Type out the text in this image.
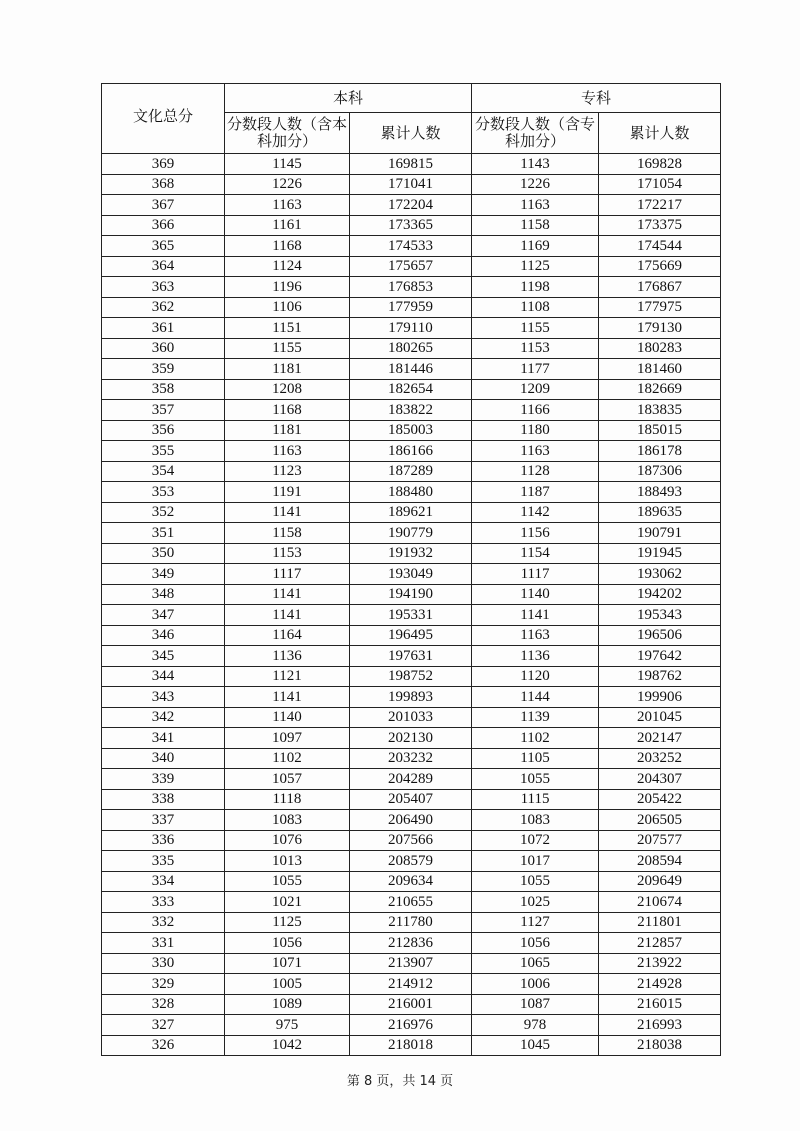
文化总分	本科		专科	
	分数段人数（含本科加分）	累计人数	分数段人数（含专科加分）	累计人数
369	1145	169815	1143	169828
368	1226	171041	1226	171054
367	1163	172204	1163	172217
366	1161	173365	1158	173375
365	1168	174533	1169	174544
364	1124	175657	1125	175669
363	1196	176853	1198	176867
362	1106	177959	1108	177975
361	1151	179110	1155	179130
360	1155	180265	1153	180283
359	1181	181446	1177	181460
358	1208	182654	1209	182669
357	1168	183822	1166	183835
356	1181	185003	1180	185015
355	1163	186166	1163	186178
354	1123	187289	1128	187306
353	1191	188480	1187	188493
352	1141	189621	1142	189635
351	1158	190779	1156	190791
350	1153	191932	1154	191945
349	1117	193049	1117	193062
348	1141	194190	1140	194202
347	1141	195331	1141	195343
346	1164	196495	1163	196506
345	1136	197631	1136	197642
344	1121	198752	1120	198762
343	1141	199893	1144	199906
342	1140	201033	1139	201045
341	1097	202130	1102	202147
340	1102	203232	1105	203252
339	1057	204289	1055	204307
338	1118	205407	1115	205422
337	1083	206490	1083	206505
336	1076	207566	1072	207577
335	1013	208579	1017	208594
334	1055	209634	1055	209649
333	1021	210655	1025	210674
332	1125	211780	1127	211801
331	1056	212836	1056	212857
330	1071	213907	1065	213922
329	1005	214912	1006	214928
328	1089	216001	1087	216015
327	975	216976	978	216993
326	1042	218018	1045	218038
第 8 页，共 14 页
